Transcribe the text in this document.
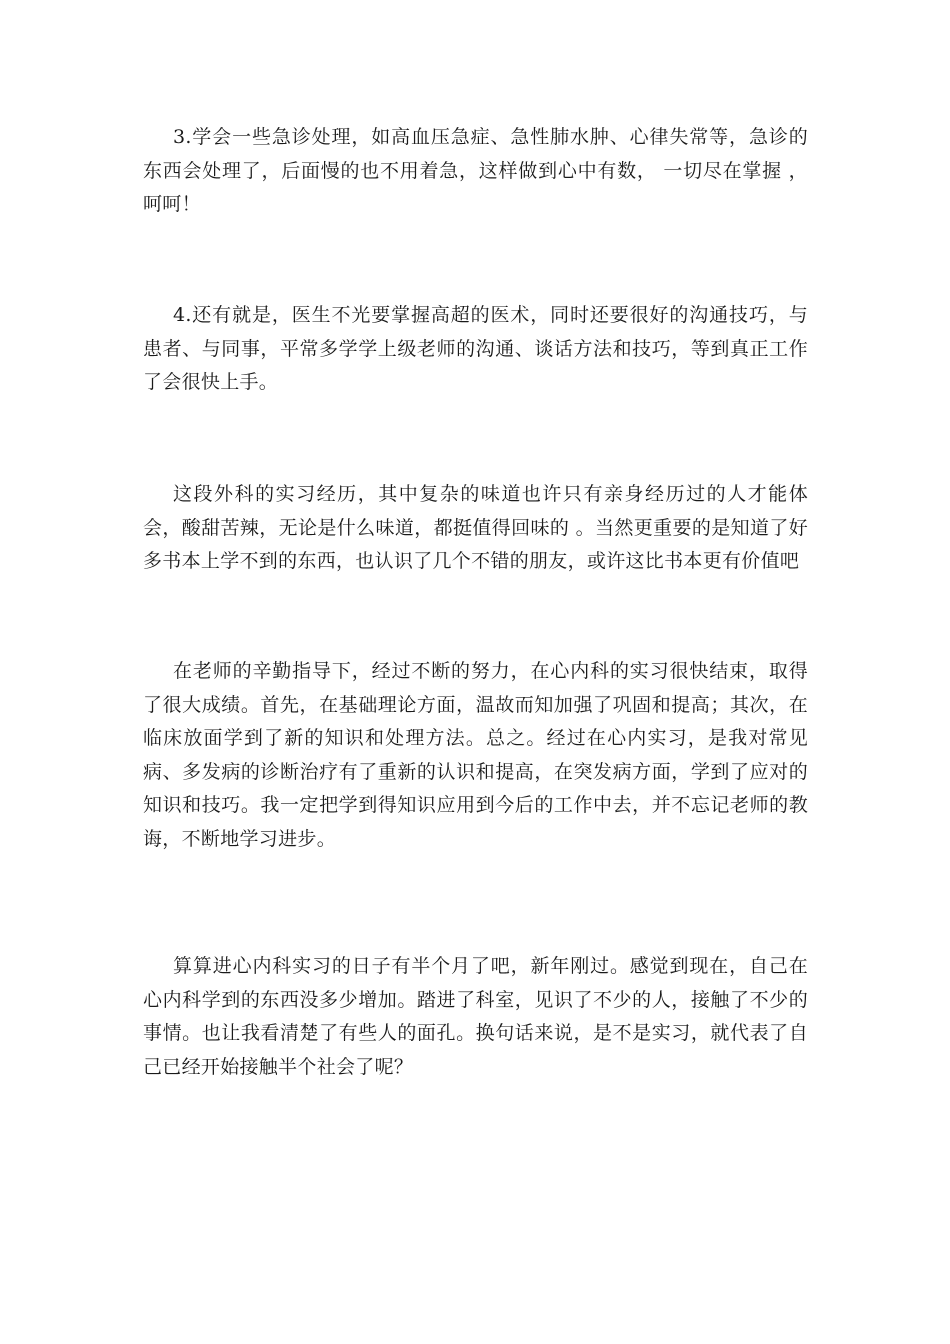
3.学会一些急诊处理，如高血压急症、急性肺水肿、心律失常等，急诊的东西会处理了，后面慢的也不用着急，这样做到心中有数， 一切尽在掌握 ，呵呵！

4.还有就是，医生不光要掌握高超的医术，同时还要很好的沟通技巧，与患者、与同事，平常多学学上级老师的沟通、谈话方法和技巧，等到真正工作了会很快上手。

这段外科的实习经历，其中复杂的味道也许只有亲身经历过的人才能体会，酸甜苦辣，无论是什么味道，都挺值得回味的 。当然更重要的是知道了好多书本上学不到的东西，也认识了几个不错的朋友，或许这比书本更有价值吧

在老师的辛勤指导下，经过不断的努力，在心内科的实习很快结束，取得了很大成绩。首先，在基础理论方面，温故而知加强了巩固和提高；其次，在临床放面学到了新的知识和处理方法。总之。经过在心内实习，是我对常见病、多发病的诊断治疗有了重新的认识和提高，在突发病方面，学到了应对的知识和技巧。我一定把学到得知识应用到今后的工作中去，并不忘记老师的教诲，不断地学习进步。

算算进心内科实习的日子有半个月了吧，新年刚过。感觉到现在，自己在心内科学到的东西没多少增加。踏进了科室，见识了不少的人，接触了不少的事情。也让我看清楚了有些人的面孔。换句话来说，是不是实习，就代表了自己已经开始接触半个社会了呢？
